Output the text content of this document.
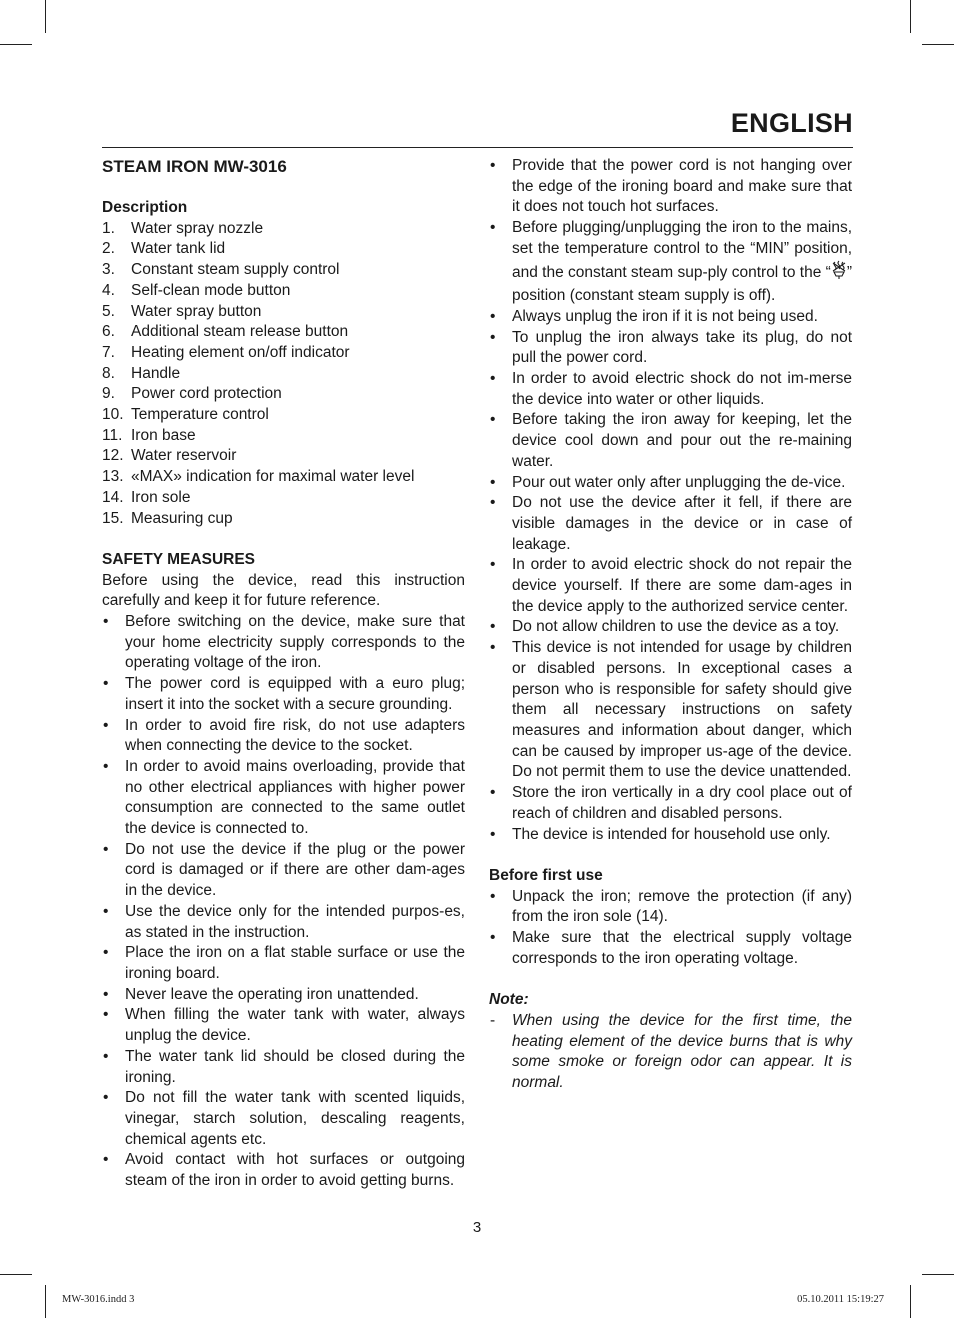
ENGLISH
STEAM IRON MW-3016
Description
1. Water spray nozzle
2. Water tank lid
3. Constant steam supply control
4. Self-clean mode button
5. Water spray button
6. Additional steam release button
7. Heating element on/off indicator
8. Handle
9. Power cord protection
10. Temperature control
11. Iron base
12. Water reservoir
13. «MAX» indication for maximal water level
14. Iron sole
15. Measuring cup
SAFETY MEASURES

Before using the device, read this instruction carefully and keep it for future reference.

• Before switching on the device, make sure that your home electricity supply corresponds to the operating voltage of the iron.
• The power cord is equipped with a euro plug; insert it into the socket with a secure grounding.
• In order to avoid fire risk, do not use adapters when connecting the device to the socket.
• In order to avoid mains overloading, provide that no other electrical appliances with higher power consumption are connected to the same outlet the device is connected to.
• Do not use the device if the plug or the power cord is damaged or if there are other dam-ages in the device.
• Use the device only for the intended purpos-es, as stated in the instruction.
• Place the iron on a flat stable surface or use the ironing board.
• Never leave the operating iron unattended.
• When filling the water tank with water, always unplug the device.
• The water tank lid should be closed during the ironing.
• Do not fill the water tank with scented liquids, vinegar, starch solution, descaling reagents, chemical agents etc.
• Avoid contact with hot surfaces or outgoing steam of the iron in order to avoid getting burns.
• Provide that the power cord is not hanging over the edge of the ironing board and make sure that it does not touch hot surfaces.
• Before plugging/unplugging the iron to the mains, set the temperature control to the “MIN” position, and the constant steam sup-ply control to the “ ” position (constant steam supply is off).
• Always unplug the iron if it is not being used.
• To unplug the iron always take its plug, do not pull the power cord.
• In order to avoid electric shock do not im-merse the device into water or other liquids.
• Before taking the iron away for keeping, let the device cool down and pour out the re-maining water.
• Pour out water only after unplugging the de-vice.
• Do not use the device after it fell, if there are visible damages in the device or in case of leakage.
• In order to avoid electric shock do not repair the device yourself. If there are some dam-ages in the device apply to the authorized service center.
• Do not allow children to use the device as a toy.
• This device is not intended for usage by children or disabled persons. In exceptional cases a person who is responsible for safety should give them all necessary instructions on safety measures and information about danger, which can be caused by improper us-age of the device. Do not permit them to use the device unattended.
• Store the iron vertically in a dry cool place out of reach of children and disabled persons.
• The device is intended for household use only.
Before first use
• Unpack the iron; remove the protection (if any) from the iron sole (14).
• Make sure that the electrical supply voltage corresponds to the iron operating voltage.
Note:
- When using the device for the first time, the heating element of the device burns that is why some smoke or foreign odor can appear. It is normal.
3
MW-3016.indd 3	05.10.2011 15:19:27
